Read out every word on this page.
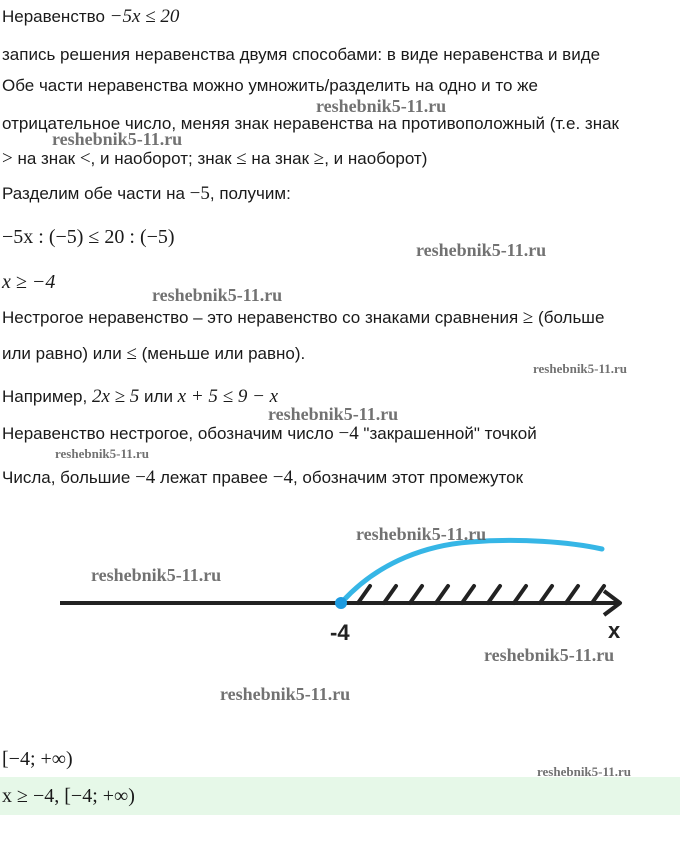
Неравенство −5x ≤ 20
запись решения неравенства двумя способами: в виде неравенства и виде
Обе части неравенства можно умножить/разделить на одно и то же
отрицательное число, меняя знак неравенства на противоположный (т.е. знак
> на знак <, и наоборот; знак ≤ на знак ≥, и наоборот)
Разделим обе части на −5, получим:
−5x : (−5) ≤ 20 : (−5)
x ≥ −4
Нестрогое неравенство – это неравенство со знаками сравнения ≥ (больше
или равно) или ≤ (меньше или равно).
Например, 2x ≥ 5 или x + 5 ≤ 9 − x
Неравенство нестрогое, обозначим число −4 "закрашенной" точкой
Числа, большие −4 лежат правее −4, обозначим этот промежуток
-4	x
[−4; +∞)
x ≥ −4, [−4; +∞)
reshebnik5-11.ru
reshebnik5-11.ru
reshebnik5-11.ru
reshebnik5-11.ru
reshebnik5-11.ru
reshebnik5-11.ru
reshebnik5-11.ru
reshebnik5-11.ru
reshebnik5-11.ru
reshebnik5-11.ru
reshebnik5-11.ru
reshebnik5-11.ru
